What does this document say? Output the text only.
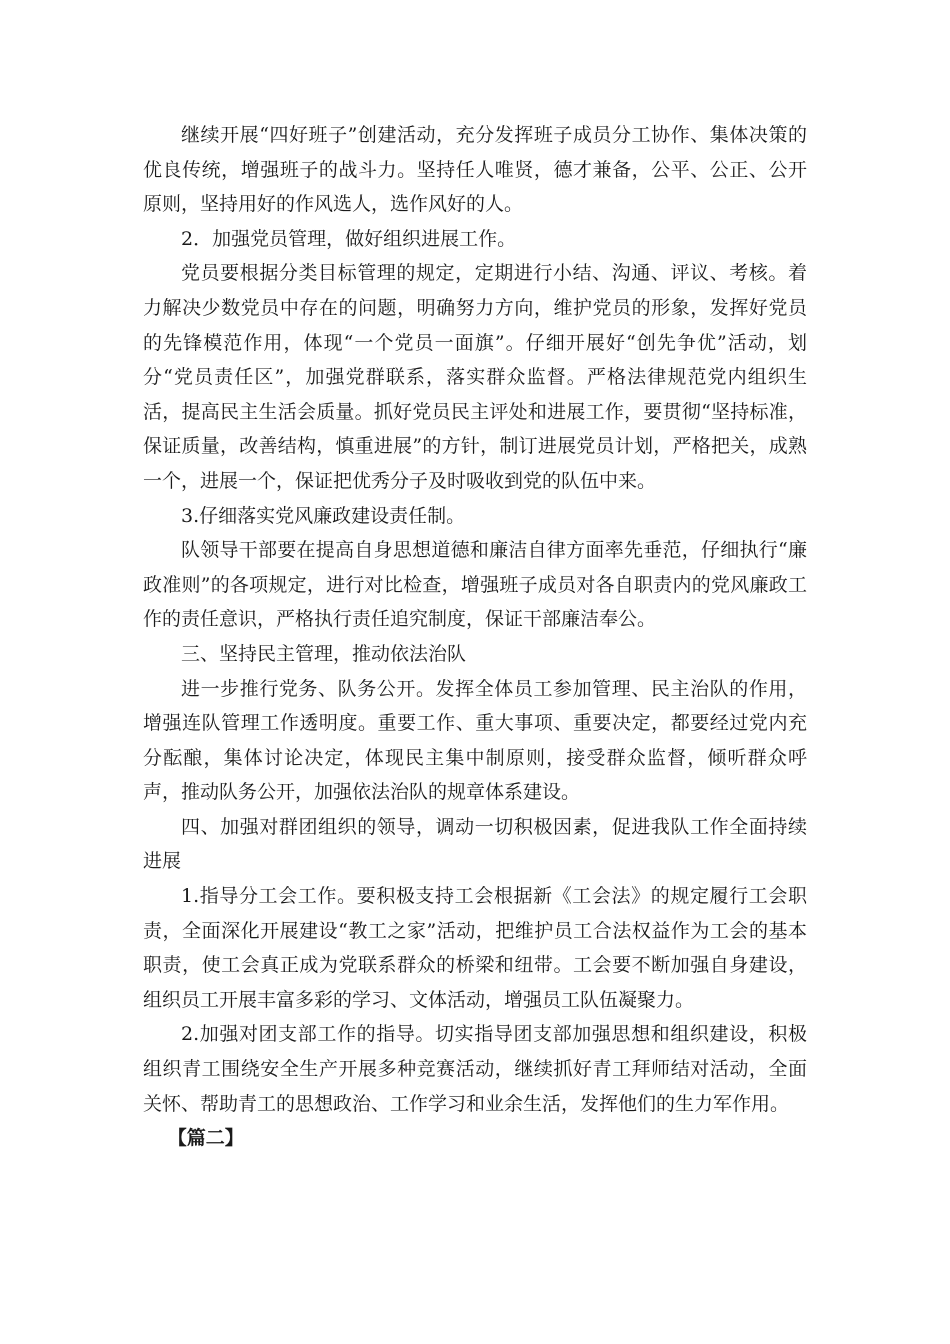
继续开展“四好班子”创建活动，充分发挥班子成员分工协作、集体决策的优良传统，增强班子的战斗力。坚持任人唯贤，德才兼备，公平、公正、公开原则，坚持用好的作风选人，选作风好的人。

2．加强党员管理，做好组织进展工作。

党员要根据分类目标管理的规定，定期进行小结、沟通、评议、考核。着力解决少数党员中存在的问题，明确努力方向，维护党员的形象，发挥好党员的先锋模范作用，体现“一个党员一面旗”。仔细开展好“创先争优”活动，划分“党员责任区”，加强党群联系，落实群众监督。严格法律规范党内组织生活，提高民主生活会质量。抓好党员民主评处和进展工作，要贯彻“坚持标准，保证质量，改善结构，慎重进展”的方针，制订进展党员计划，严格把关，成熟一个，进展一个，保证把优秀分子及时吸收到党的队伍中来。

3.仔细落实党风廉政建设责任制。

队领导干部要在提高自身思想道德和廉洁自律方面率先垂范，仔细执行“廉政准则”的各项规定，进行对比检查，增强班子成员对各自职责内的党风廉政工作的责任意识，严格执行责任追究制度，保证干部廉洁奉公。

三、坚持民主管理，推动依法治队

进一步推行党务、队务公开。发挥全体员工参加管理、民主治队的作用，增强连队管理工作透明度。重要工作、重大事项、重要决定，都要经过党内充分酝酿，集体讨论决定，体现民主集中制原则，接受群众监督，倾听群众呼声，推动队务公开，加强依法治队的规章体系建设。

四、加强对群团组织的领导，调动一切积极因素，促进我队工作全面持续进展

1.指导分工会工作。要积极支持工会根据新《工会法》的规定履行工会职责，全面深化开展建设“教工之家”活动，把维护员工合法权益作为工会的基本职责，使工会真正成为党联系群众的桥梁和纽带。工会要不断加强自身建设，组织员工开展丰富多彩的学习、文体活动，增强员工队伍凝聚力。

2.加强对团支部工作的指导。切实指导团支部加强思想和组织建设，积极组织青工围绕安全生产开展多种竞赛活动，继续抓好青工拜师结对活动，全面关怀、帮助青工的思想政治、工作学习和业余生活，发挥他们的生力军作用。

【篇二】
